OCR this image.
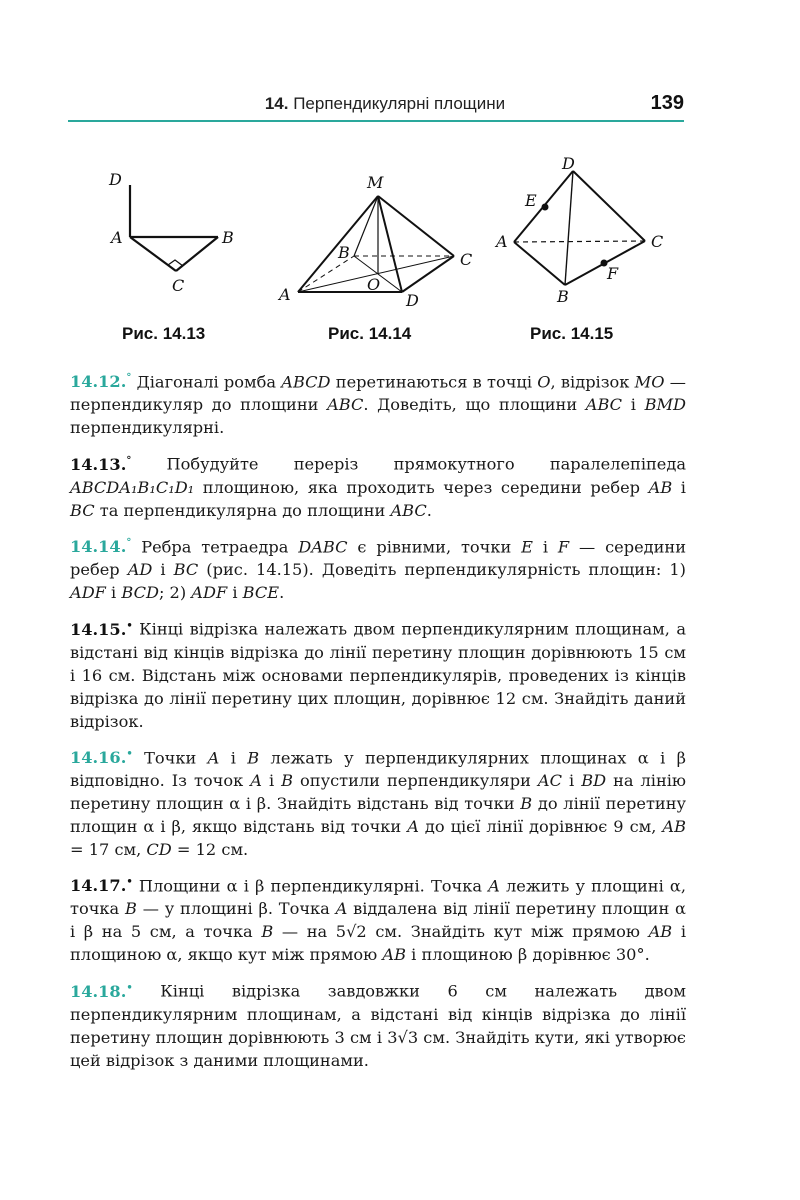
14. Перпендикулярні площини	139
D
A	B
C
Рис. 14.13
M
B	C
O
A	D
Рис. 14.14
D
E
A	C
F
B
Рис. 14.15
14.12.° Діагоналі ромба ABCD перетинаються в точці O, відрізок MO — перпендикуляр до площини ABC. Доведіть, що площини ABC і BMD перпендикулярні.
14.13.° Побудуйте переріз прямокутного паралелепіпеда ABCDA₁B₁C₁D₁ площиною, яка проходить через середини ребер AB і BC та перпендикулярна до площини ABC.
14.14.° Ребра тетраедра DABC є рівними, точки E і F — середини ребер AD і BC (рис. 14.15). Доведіть перпендикулярність площин: 1) ADF і BCD; 2) ADF і BCE.
14.15.• Кінці відрізка належать двом перпендикулярним площинам, а відстані від кінців відрізка до лінії перетину площин дорівнюють 15 см і 16 см. Відстань між основами перпендикулярів, проведених із кінців відрізка до лінії перетину цих площин, дорівнює 12 см. Знайдіть даний відрізок.
14.16.• Точки A і B лежать у перпендикулярних площинах α і β відповідно. Із точок A і B опустили перпендикуляри AC і BD на лінію перетину площин α і β. Знайдіть відстань від точки B до лінії перетину площин α і β, якщо відстань від точки A до цієї лінії дорівнює 9 см, AB = 17 см, CD = 12 см.
14.17.• Площини α і β перпендикулярні. Точка A лежить у площині α, точка B — у площині β. Точка A віддалена від лінії перетину площин α і β на 5 см, а точка B — на 5√2 см. Знайдіть кут між прямою AB і площиною α, якщо кут між прямою AB і площиною β дорівнює 30°.
14.18.• Кінці відрізка завдовжки 6 см належать двом перпендикулярним площинам, а відстані від кінців відрізка до лінії перетину площин дорівнюють 3 см і 3√3 см. Знайдіть кути, які утворює цей відрізок з даними площинами.
